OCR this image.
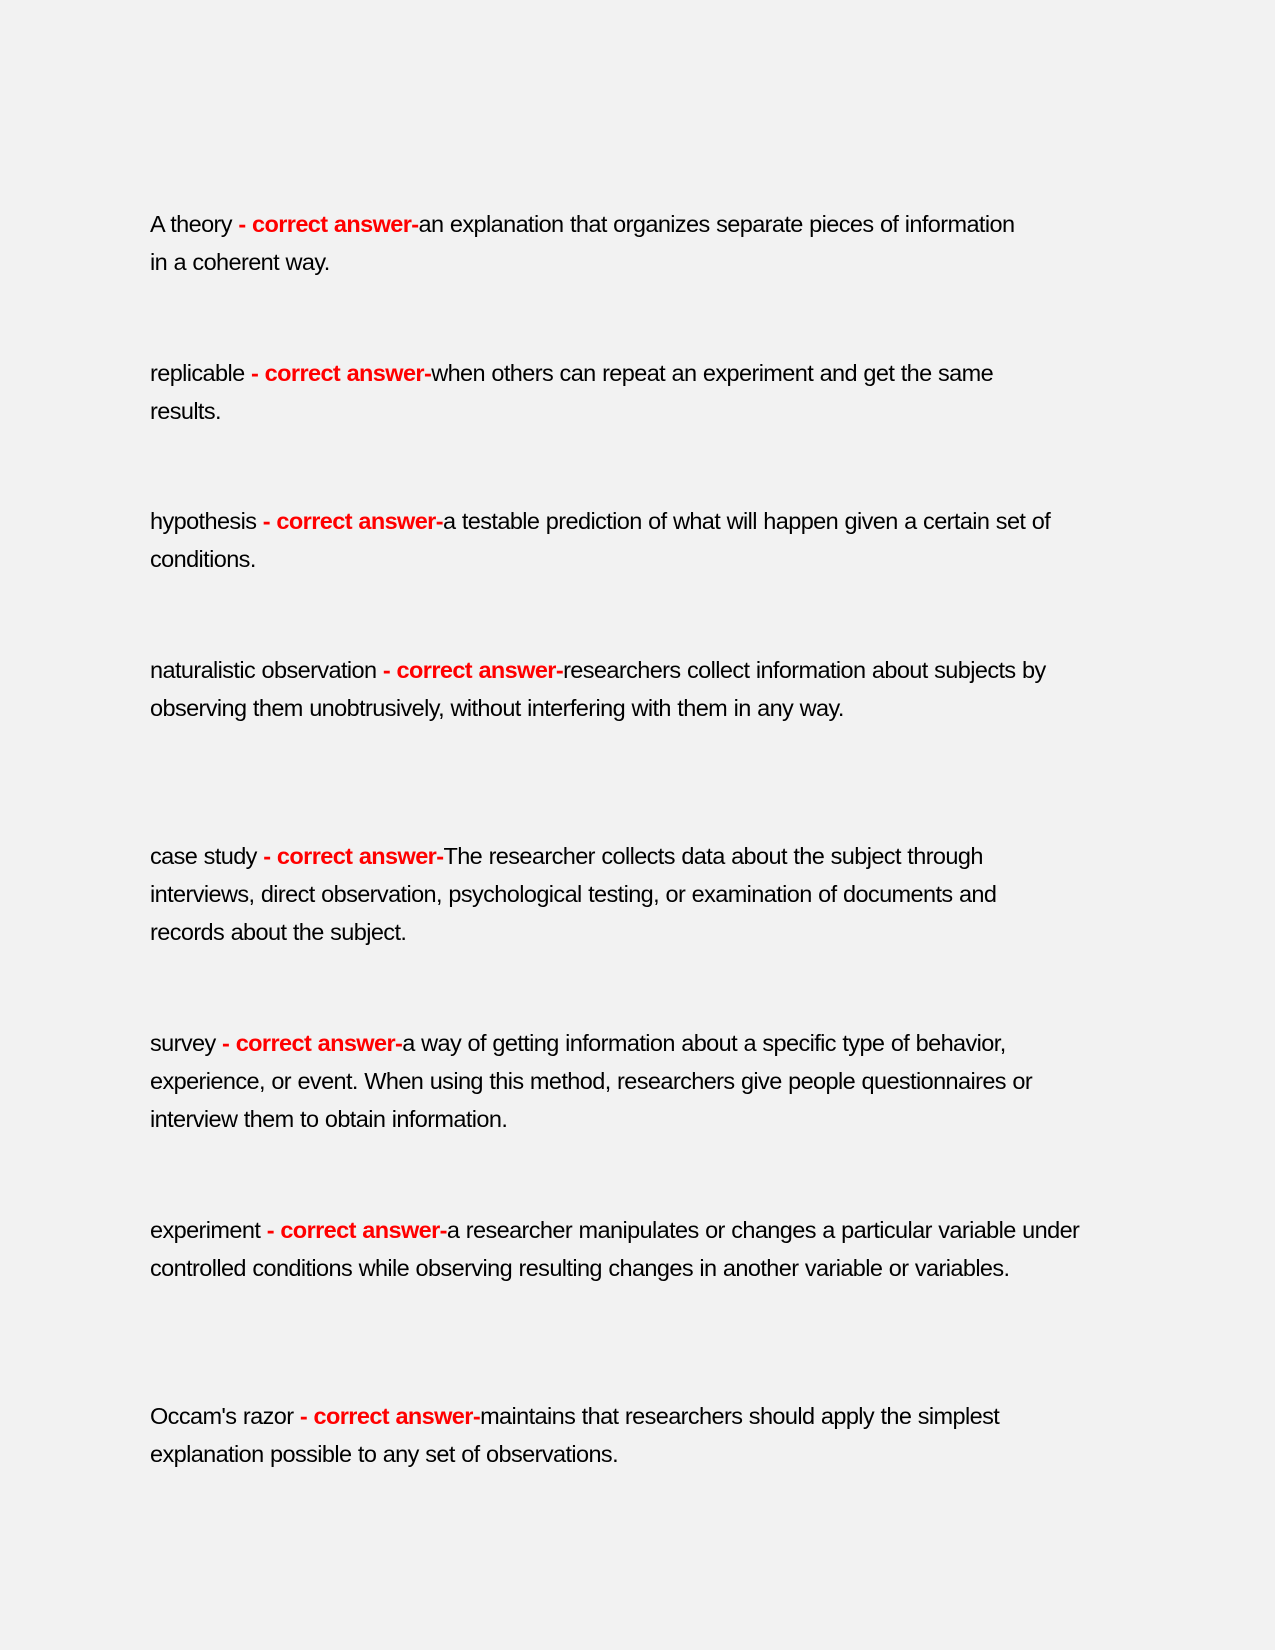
A theory - correct answer-an explanation that organizes separate pieces of information in a coherent way.

replicable - correct answer-when others can repeat an experiment and get the same results.

hypothesis - correct answer-a testable prediction of what will happen given a certain set of conditions.

naturalistic observation - correct answer-researchers collect information about subjects by observing them unobtrusively, without interfering with them in any way.

case study - correct answer-The researcher collects data about the subject through interviews, direct observation, psychological testing, or examination of documents and records about the subject.

survey - correct answer-a way of getting information about a specific type of behavior, experience, or event. When using this method, researchers give people questionnaires or interview them to obtain information.

experiment - correct answer-a researcher manipulates or changes a particular variable under controlled conditions while observing resulting changes in another variable or variables.

Occam's razor - correct answer-maintains that researchers should apply the simplest explanation possible to any set of observations.
